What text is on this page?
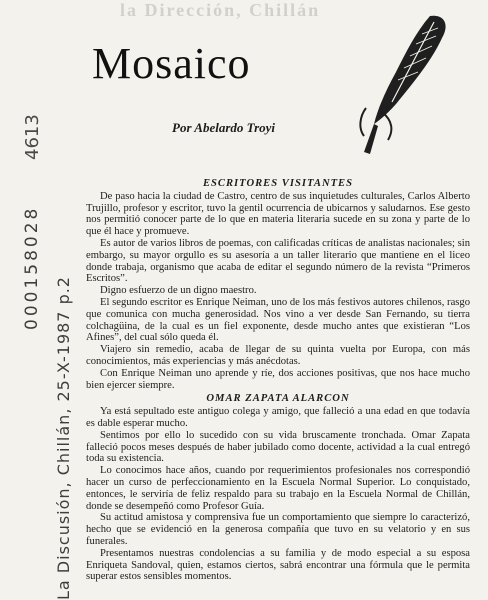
la Dirección, Chillán
Mosaico
Por Abelardo Troyi
4613
000158028
La Discusión, Chillán, 25-X-1987 p.2
ESCRITORES VISITANTES

De paso hacia la ciudad de Castro, centro de sus inquietudes culturales, Carlos Alberto Trujillo, profesor y escritor, tuvo la gentil ocurrencia de ubicarnos y saludarnos. Ese gesto nos permitió conocer parte de lo que en materia literaria sucede en su zona y parte de lo que él hace y promueve.

Es autor de varios libros de poemas, con calificadas críticas de analistas nacionales; sin embargo, su mayor orgullo es su asesoría a un taller literario que mantiene en el liceo donde trabaja, organismo que acaba de editar el segundo número de la revista “Primeros Escritos”.

Digno esfuerzo de un digno maestro.

El segundo escritor es Enrique Neiman, uno de los más festivos autores chilenos, rasgo que comunica con mucha generosidad. Nos vino a ver desde San Fernando, su tierra colchagüina, de la cual es un fiel exponente, desde mucho antes que existieran “Los Afines”, del cual sólo queda él.

Viajero sin remedio, acaba de llegar de su quinta vuelta por Europa, con más conocimientos, más experiencias y más anécdotas.

Con Enrique Neiman uno aprende y ríe, dos acciones positivas, que nos hace mucho bien ejercer siempre.

OMAR ZAPATA ALARCON

Ya está sepultado este antiguo colega y amigo, que falleció a una edad en que todavía es dable esperar mucho.

Sentimos por ello lo sucedido con su vida bruscamente tronchada. Omar Zapata falleció pocos meses después de haber jubilado como docente, actividad a la cual entregó toda su existencia.

Lo conocimos hace años, cuando por requerimientos profesionales nos correspondió hacer un curso de perfeccionamiento en la Escuela Normal Superior. Lo conquistado, entonces, le serviría de feliz respaldo para su trabajo en la Escuela Normal de Chillán, donde se desempeñó como Profesor Guía.

Su actitud amistosa y comprensiva fue un comportamiento que siempre lo caracterizó, hecho que se evidenció en la generosa compañía que tuvo en su velatorio y en sus funerales.

Presentamos nuestras condolencias a su familia y de modo especial a su esposa Enriqueta Sandoval, quien, estamos ciertos, sabrá encontrar una fórmula que le permita superar estos sensibles momentos.
